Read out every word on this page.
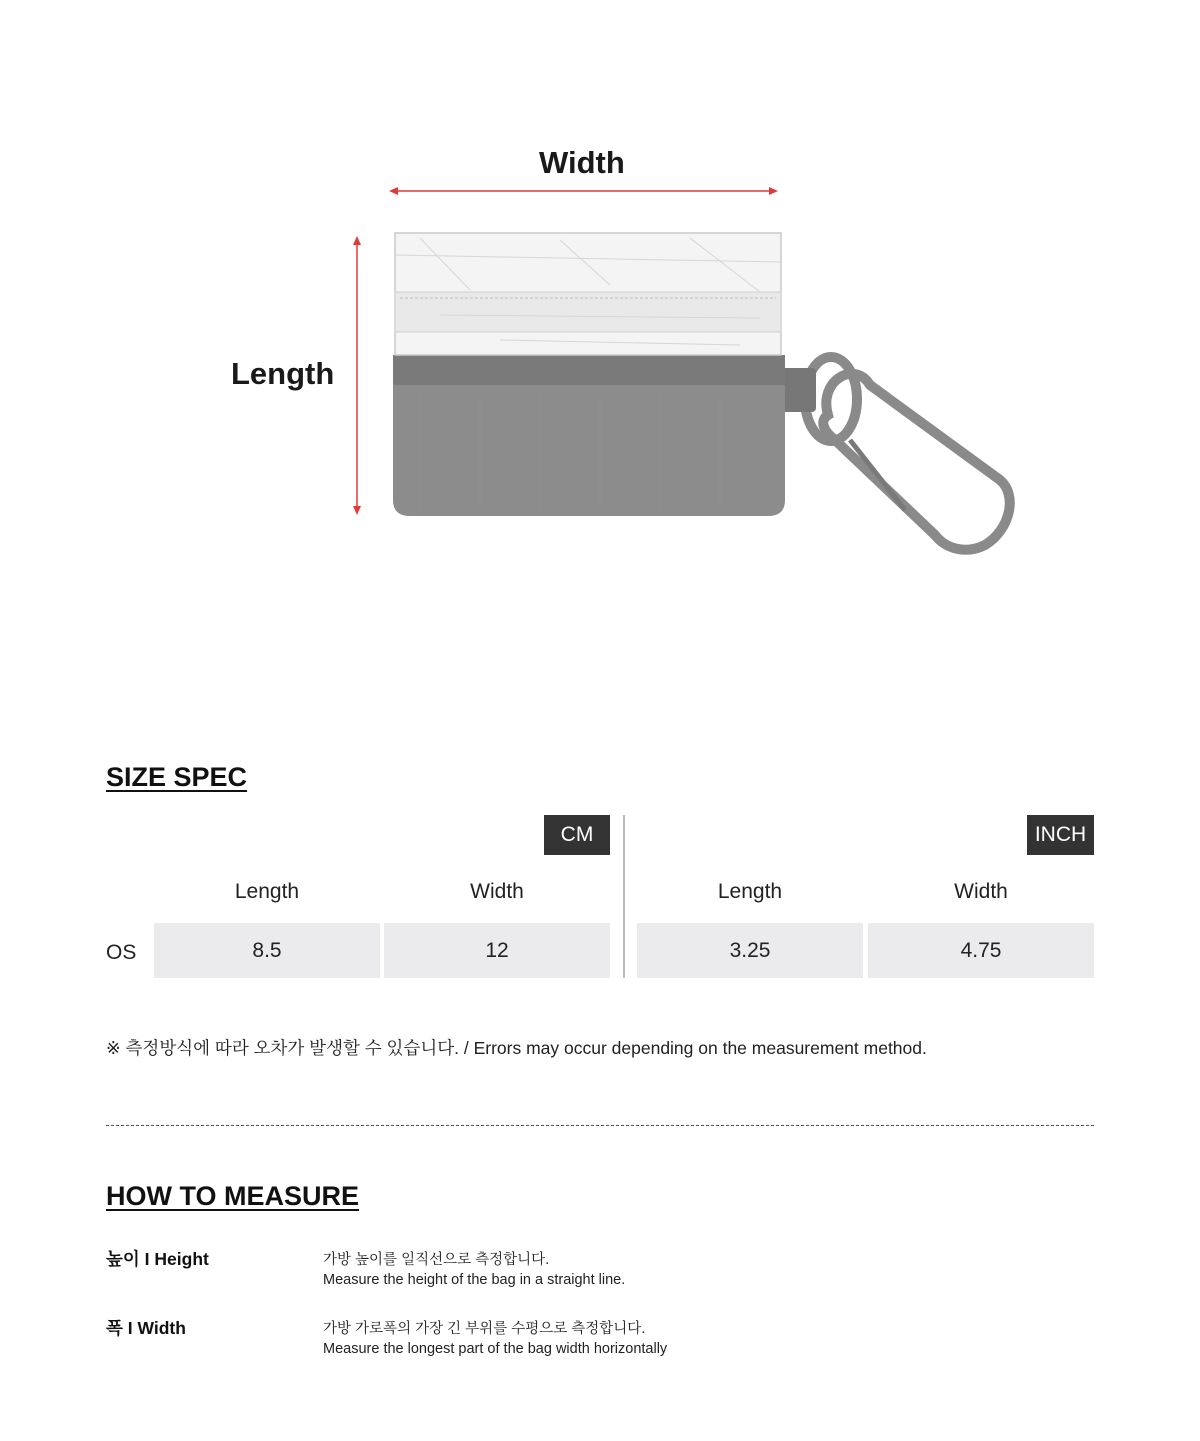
Width
Length
SIZE SPEC
CM	INCH
Length	Width	Length	Width
OS	8.5	12	3.25	4.75
※ 측정방식에 따라 오차가 발생할 수 있습니다. / Errors may occur depending on the measurement method.
HOW TO MEASURE
높이 I Height	가방 높이를 일직선으로 측정합니다.
Measure the height of the bag in a straight line.
폭 I Width	가방 가로폭의 가장 긴 부위를 수평으로 측정합니다.
Measure the longest part of the bag width horizontally
